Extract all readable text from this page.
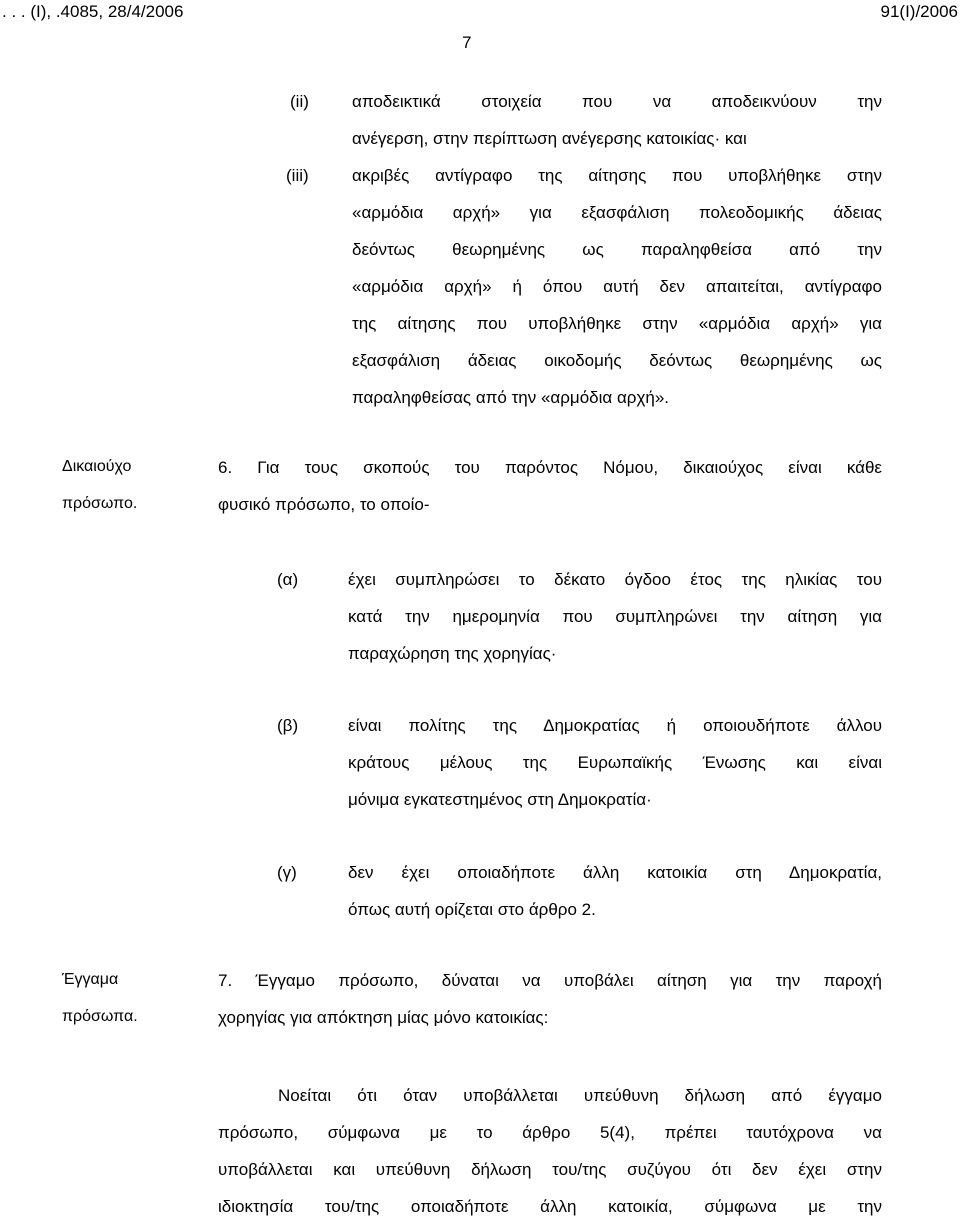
. . . (I), .4085, 28/4/2006	91(I)/2006
7
(ii)	αποδεικτικά στοιχεία που να αποδεικνύουν την
ανέγερση, στην περίπτωση ανέγερσης κατοικίας· και
(iii)	ακριβές αντίγραφο της αίτησης που υποβλήθηκε στην
«αρμόδια αρχή» για εξασφάλιση πολεοδομικής άδειας
δεόντως θεωρημένης ως παραληφθείσα από την
«αρμόδια αρχή» ή όπου αυτή δεν απαιτείται, αντίγραφο
της αίτησης που υποβλήθηκε στην «αρμόδια αρχή» για
εξασφάλιση άδειας οικοδομής δεόντως θεωρημένης ως
παραληφθείσας από την «αρμόδια αρχή».
Δικαιούχο
πρόσωπο.
6. Για τους σκοπούς του παρόντος Νόμου, δικαιούχος είναι κάθε
φυσικό πρόσωπο, το οποίο-
(α)	έχει συμπληρώσει το δέκατο όγδοο έτος της ηλικίας του
κατά την ημερομηνία που συμπληρώνει την αίτηση για
παραχώρηση της χορηγίας·
(β)	είναι πολίτης της Δημοκρατίας ή οποιουδήποτε άλλου
κράτους μέλους της Ευρωπαϊκής Ένωσης και είναι
μόνιμα εγκατεστημένος στη Δημοκρατία·
(γ)	δεν έχει οποιαδήποτε άλλη κατοικία στη Δημοκρατία,
όπως αυτή ορίζεται στο άρθρο 2.
Έγγαμα
πρόσωπα.
7. Έγγαμο πρόσωπο, δύναται να υποβάλει αίτηση για την παροχή
χορηγίας για απόκτηση μίας μόνο κατοικίας:
Νοείται ότι όταν υποβάλλεται υπεύθυνη δήλωση από έγγαμο
πρόσωπο, σύμφωνα με το άρθρο 5(4), πρέπει ταυτόχρονα να
υποβάλλεται και υπεύθυνη δήλωση του/της συζύγου ότι δεν έχει στην
ιδιοκτησία του/της οποιαδήποτε άλλη κατοικία, σύμφωνα με την
